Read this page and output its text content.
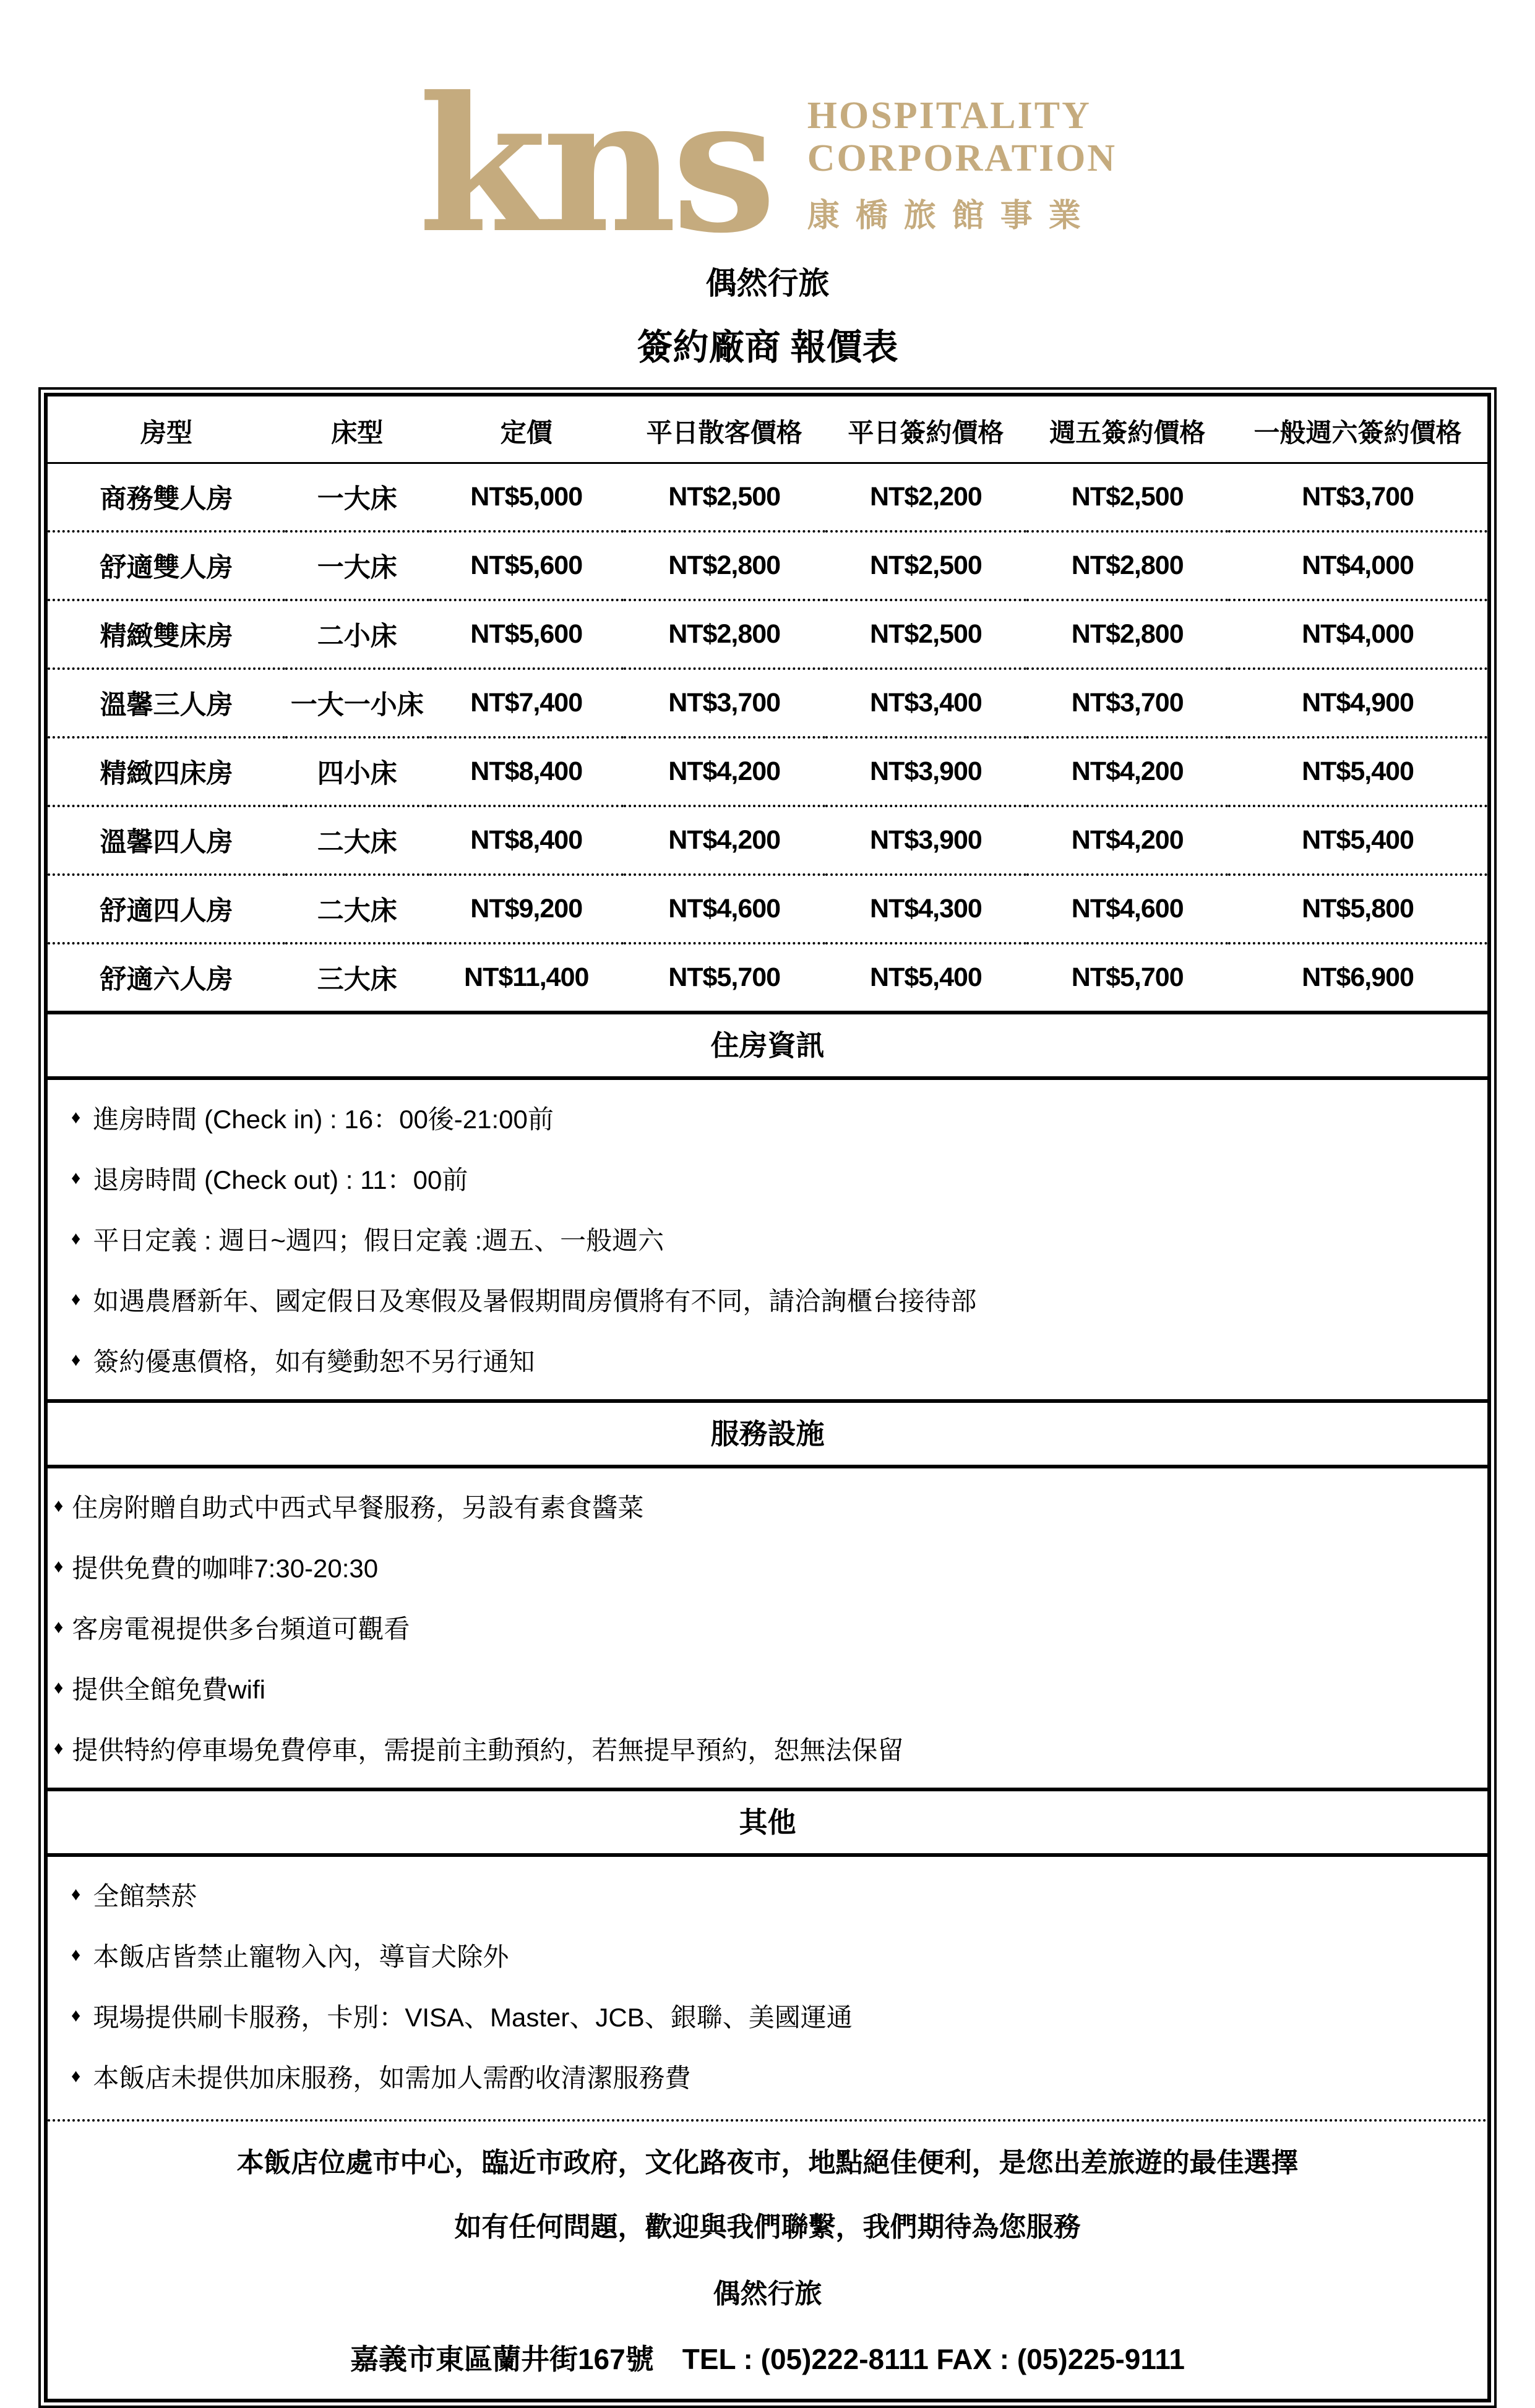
kns HOSPITALITY
CORPORATION
康橋旅館事業
偶然行旅
簽約廠商 報價表
房型	床型	定價	平日散客價格	平日簽約價格	週五簽約價格	一般週六簽約價格
商務雙人房	一大床	NT$5,000	NT$2,500	NT$2,200	NT$2,500	NT$3,700
舒適雙人房	一大床	NT$5,600	NT$2,800	NT$2,500	NT$2,800	NT$4,000
精緻雙床房	二小床	NT$5,600	NT$2,800	NT$2,500	NT$2,800	NT$4,000
溫馨三人房	一大一小床	NT$7,400	NT$3,700	NT$3,400	NT$3,700	NT$4,900
精緻四床房	四小床	NT$8,400	NT$4,200	NT$3,900	NT$4,200	NT$5,400
溫馨四人房	二大床	NT$8,400	NT$4,200	NT$3,900	NT$4,200	NT$5,400
舒適四人房	二大床	NT$9,200	NT$4,600	NT$4,300	NT$4,600	NT$5,800
舒適六人房	三大床	NT$11,400	NT$5,700	NT$5,400	NT$5,700	NT$6,900
住房資訊
♦ 進房時間 (Check in) : 16：00後-21:00前
♦ 退房時間 (Check out) : 11：00前
♦ 平日定義 : 週日~週四；假日定義 :週五、一般週六
♦ 如遇農曆新年、國定假日及寒假及暑假期間房價將有不同，請洽詢櫃台接待部
♦ 簽約優惠價格，如有變動恕不另行通知
服務設施
♦ 住房附贈自助式中西式早餐服務，另設有素食醬菜
♦ 提供免費的咖啡7:30-20:30
♦ 客房電視提供多台頻道可觀看
♦ 提供全館免費wifi
♦ 提供特約停車場免費停車，需提前主動預約，若無提早預約，恕無法保留
其他
♦ 全館禁菸
♦ 本飯店皆禁止寵物入內，導盲犬除外
♦ 現場提供刷卡服務，卡別：VISA、Master、JCB、銀聯、美國運通
♦ 本飯店未提供加床服務，如需加人需酌收清潔服務費
本飯店位處市中心，臨近市政府，文化路夜市，地點絕佳便利，是您出差旅遊的最佳選擇
如有任何問題，歡迎與我們聯繫，我們期待為您服務
偶然行旅
嘉義市東區蘭井街167號　TEL : (05)222-8111 FAX : (05)225-9111
